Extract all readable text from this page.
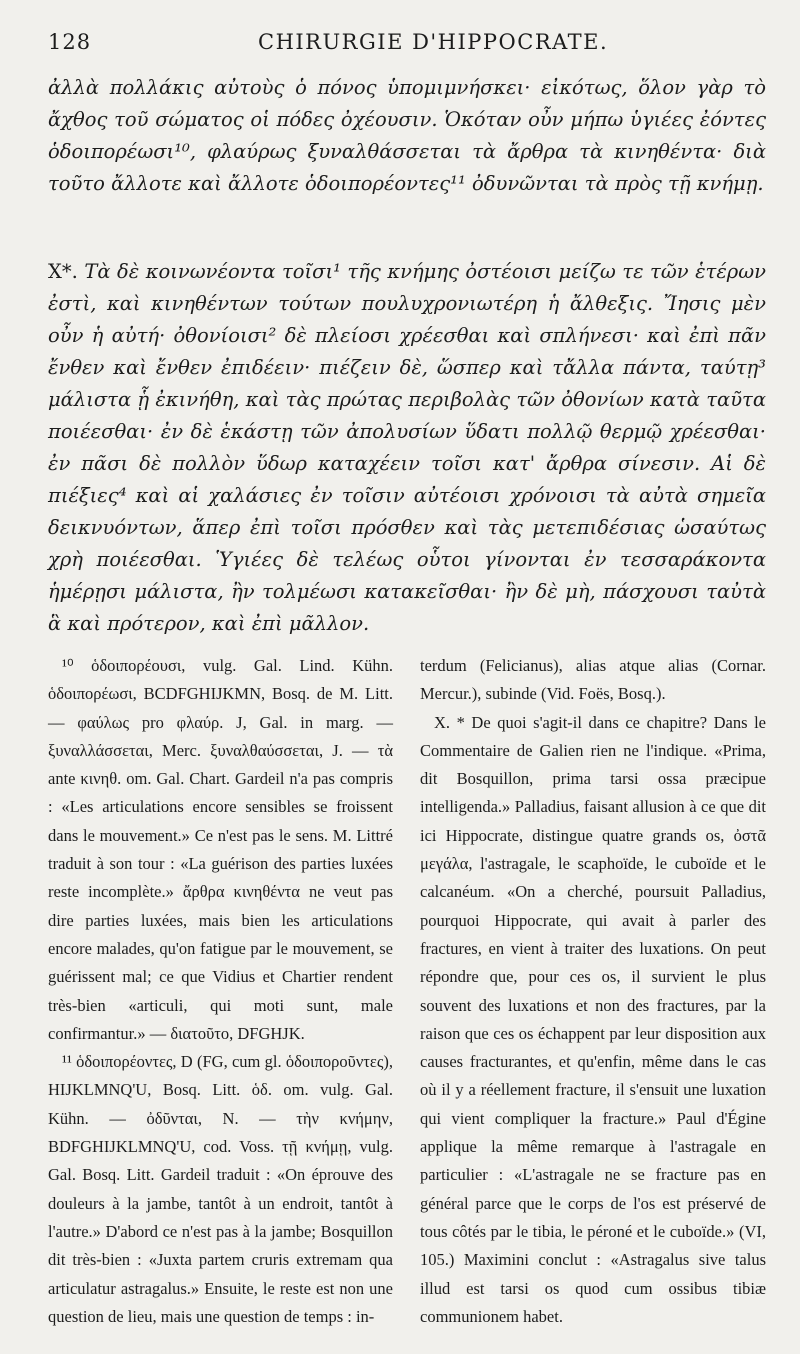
128	CHIRURGIE D'HIPPOCRATE.

ἀλλὰ πολλάκις αὐτοὺς ὁ πόνος ὑπομιμνήσκει· εἰκότως, ὅλον γὰρ τὸ ἄχθος τοῦ σώματος οἱ πόδες ὀχέουσιν. Ὁκόταν οὖν μήπω ὑγιέες ἐόντες ὁδοιπορέωσι¹⁰, φλαύρως ξυναλθάσσεται τὰ ἄρθρα τὰ κινηθέντα· διὰ τοῦτο ἄλλοτε καὶ ἄλλοτε ὁδοιπορέοντες¹¹ ὀδυνῶνται τὰ πρὸς τῇ κνήμῃ.

X*. Τὰ δὲ κοινωνέοντα τοῖσι¹ τῆς κνήμης ὀστέοισι μείζω τε τῶν ἑτέρων ἐστὶ, καὶ κινηθέντων τούτων πουλυχρονιωτέρη ἡ ἄλθεξις. Ἴησις μὲν οὖν ἡ αὐτή· ὀθονίοισι² δὲ πλείοσι χρέεσθαι καὶ σπλήνεσι· καὶ ἐπὶ πᾶν ἔνθεν καὶ ἔνθεν ἐπιδέειν· πιέζειν δὲ, ὥσπερ καὶ τἄλλα πάντα, ταύτῃ³ μάλιστα ᾗ ἐκινήθη, καὶ τὰς πρώτας περιβολὰς τῶν ὀθονίων κατὰ ταῦτα ποιέεσθαι· ἐν δὲ ἑκάστῃ τῶν ἀπολυσίων ὕδατι πολλῷ θερμῷ χρέεσθαι· ἐν πᾶσι δὲ πολλὸν ὕδωρ καταχέειν τοῖσι κατ' ἄρθρα σίνεσιν. Αἱ δὲ πιέξιες⁴ καὶ αἱ χαλάσιες ἐν τοῖσιν αὐτέοισι χρόνοισι τὰ αὐτὰ σημεῖα δεικνυόντων, ἅπερ ἐπὶ τοῖσι πρόσθεν καὶ τὰς μετεπιδέσιας ὡσαύτως χρὴ ποιέεσθαι. Ὑγιέες δὲ τελέως οὗτοι γίνονται ἐν τεσσαράκοντα ἡμέρῃσι μάλιστα, ἢν τολμέωσι κατακεῖσθαι· ἢν δὲ μὴ, πάσχουσι ταὐτὰ ἃ καὶ πρότερον, καὶ ἐπὶ μᾶλλον.

¹⁰ ὁδοιπορέουσι, vulg. Gal. Lind. Kühn. ὁδοιπορέωσι, BCDFGHIJKMN, Bosq. de M. Litt. — φαύλως pro φλαύρ. J, Gal. in marg. — ξυναλλάσσεται, Merc. ξυναλθαύσσεται, J. — τὰ ante κινηθ. om. Gal. Chart. Gardeil n'a pas compris : «Les articulations encore sensibles se froissent dans le mouvement.» Ce n'est pas le sens. M. Littré traduit à son tour : «La guérison des parties luxées reste incomplète.» ἄρθρα κινηθέντα ne veut pas dire parties luxées, mais bien les articulations encore malades, qu'on fatigue par le mouvement, se guérissent mal; ce que Vidius et Chartier rendent très-bien «articuli, qui moti sunt, male confirmantur.» — διατοῦτο, DFGHJK.

¹¹ ὁδοιπορέοντες, D (FG, cum gl. ὁδοιπορoῦντες), HIJKLMNQ'U, Bosq. Litt. ὁδ. om. vulg. Gal. Kühn. — ὀδῦνται, N. — τὴν κνήμην, BDFGHIJKLMNQ'U, cod. Voss. τῇ κνήμῃ, vulg. Gal. Bosq. Litt. Gardeil traduit : «On éprouve des douleurs à la jambe, tantôt à un endroit, tantôt à l'autre.» D'abord ce n'est pas à la jambe; Bosquillon dit très-bien : «Juxta partem cruris extremam qua articulatur astragalus.» Ensuite, le reste est non une question de lieu, mais une question de temps : in-

terdum (Felicianus), alias atque alias (Cornar. Mercur.), subinde (Vid. Foës, Bosq.).

X. * De quoi s'agit-il dans ce chapitre? Dans le Commentaire de Galien rien ne l'indique. «Prima, dit Bosquillon, prima tarsi ossa præcipue intelligenda.» Palladius, faisant allusion à ce que dit ici Hippocrate, distingue quatre grands os, ὀστᾶ μεγάλα, l'astragale, le scaphoïde, le cuboïde et le calcanéum. «On a cherché, poursuit Palladius, pourquoi Hippocrate, qui avait à parler des fractures, en vient à traiter des luxations. On peut répondre que, pour ces os, il survient le plus souvent des luxations et non des fractures, par la raison que ces os échappent par leur disposition aux causes fracturantes, et qu'enfin, même dans le cas où il y a réellement fracture, il s'ensuit une luxation qui vient compliquer la fracture.» Paul d'Égine applique la même remarque à l'astragale en particulier : «L'astragale ne se fracture pas en général parce que le corps de l'os est préservé de tous côtés par le tibia, le péroné et le cuboïde.» (VI, 105.) Maximini conclut : «Astragalus sive talus illud est tarsi os quod cum ossibus tibiæ communionem habet.
